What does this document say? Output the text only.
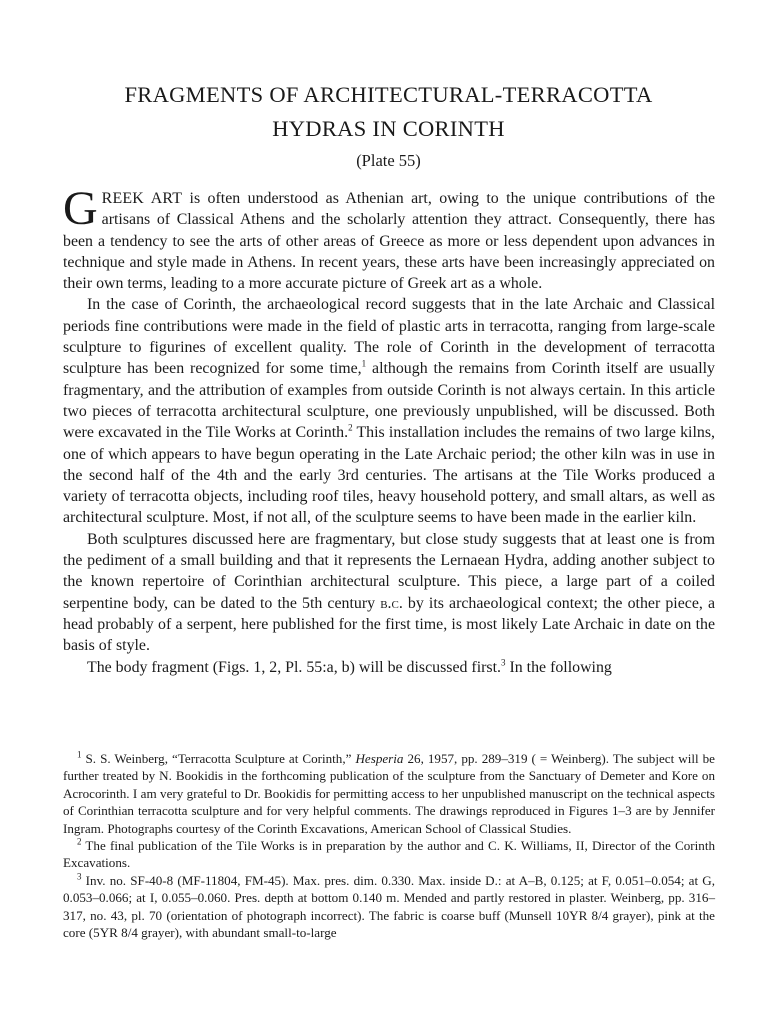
FRAGMENTS OF ARCHITECTURAL-TERRACOTTA
HYDRAS IN CORINTH
(Plate 55)

GREEK ART is often understood as Athenian art, owing to the unique contributions of the artisans of Classical Athens and the scholarly attention they attract. Consequently, there has been a tendency to see the arts of other areas of Greece as more or less dependent upon advances in technique and style made in Athens. In recent years, these arts have been increasingly appreciated on their own terms, leading to a more accurate picture of Greek art as a whole.

In the case of Corinth, the archaeological record suggests that in the late Archaic and Classical periods fine contributions were made in the field of plastic arts in terracotta, ranging from large-scale sculpture to figurines of excellent quality. The role of Corinth in the development of terracotta sculpture has been recognized for some time,$^1$ although the remains from Corinth itself are usually fragmentary, and the attribution of examples from outside Corinth is not always certain. In this article two pieces of terracotta architectural sculpture, one previously unpublished, will be discussed. Both were excavated in the Tile Works at Corinth.$^2$ This installation includes the remains of two large kilns, one of which appears to have begun operating in the Late Archaic period; the other kiln was in use in the second half of the 4th and the early 3rd centuries. The artisans at the Tile Works produced a variety of terracotta objects, including roof tiles, heavy household pottery, and small altars, as well as architectural sculpture. Most, if not all, of the sculpture seems to have been made in the earlier kiln.

Both sculptures discussed here are fragmentary, but close study suggests that at least one is from the pediment of a small building and that it represents the Lernaean Hydra, adding another subject to the known repertoire of Corinthian architectural sculpture. This piece, a large part of a coiled serpentine body, can be dated to the 5th century b.c. by its archaeological context; the other piece, a head probably of a serpent, here published for the first time, is most likely Late Archaic in date on the basis of style.

The body fragment (Figs. 1, 2, Pl. 55:a, b) will be discussed first.$^3$ In the following

$^1$ S. S. Weinberg, “Terracotta Sculpture at Corinth,” Hesperia 26, 1957, pp. 289–319 ( = Weinberg). The subject will be further treated by N. Bookidis in the forthcoming publication of the sculpture from the Sanctuary of Demeter and Kore on Acrocorinth. I am very grateful to Dr. Bookidis for permitting access to her unpublished manuscript on the technical aspects of Corinthian terracotta sculpture and for very helpful comments. The drawings reproduced in Figures 1–3 are by Jennifer Ingram. Photographs courtesy of the Corinth Excavations, American School of Classical Studies.

$^2$ The final publication of the Tile Works is in preparation by the author and C. K. Williams, II, Director of the Corinth Excavations.

$^3$ Inv. no. SF-40-8 (MF-11804, FM-45). Max. pres. dim. 0.330. Max. inside D.: at A–B, 0.125; at F, 0.051–0.054; at G, 0.053–0.066; at I, 0.055–0.060. Pres. depth at bottom 0.140 m. Mended and partly restored in plaster. Weinberg, pp. 316–317, no. 43, pl. 70 (orientation of photograph incorrect). The fabric is coarse buff (Munsell 10YR 8/4 grayer), pink at the core (5YR 8/4 grayer), with abundant small-to-large
